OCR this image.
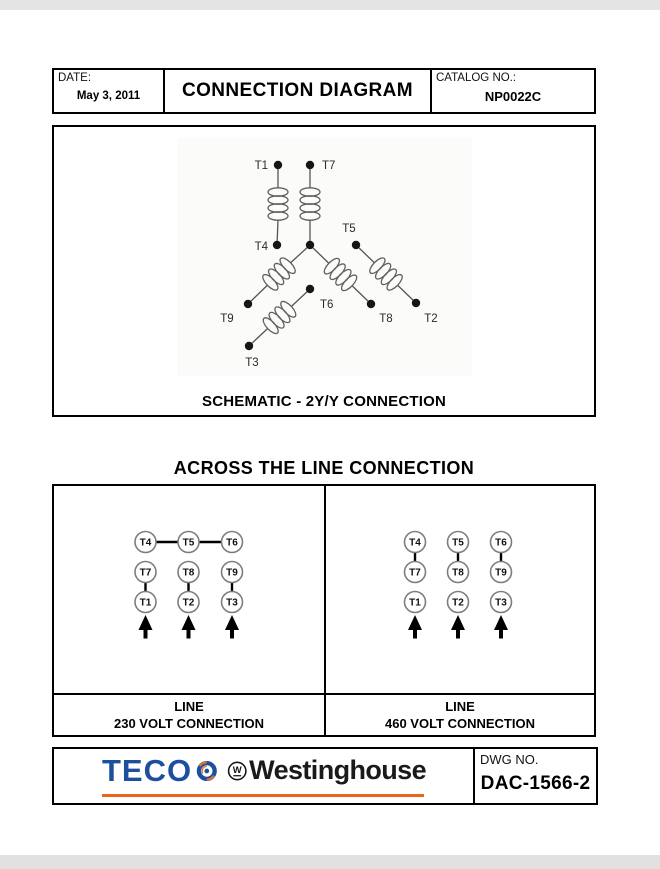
DATE:
May 3, 2011	CONNECTION DIAGRAM
CATALOG NO.:
NP0022C
T1	T7
T4
T5
T9	T8	T2
T6
T3
SCHEMATIC - 2Y/Y CONNECTION
ACROSS THE LINE CONNECTION
T4	T5	T6
T7	T8	T9
T1	T2	T3
T4	T5	T6
T7	T8	T9
T1	T2	T3
LINE
230 VOLT CONNECTION
LINE
460 VOLT CONNECTION
TECO	W Westinghouse	DWG NO.
DAC-1566-2
